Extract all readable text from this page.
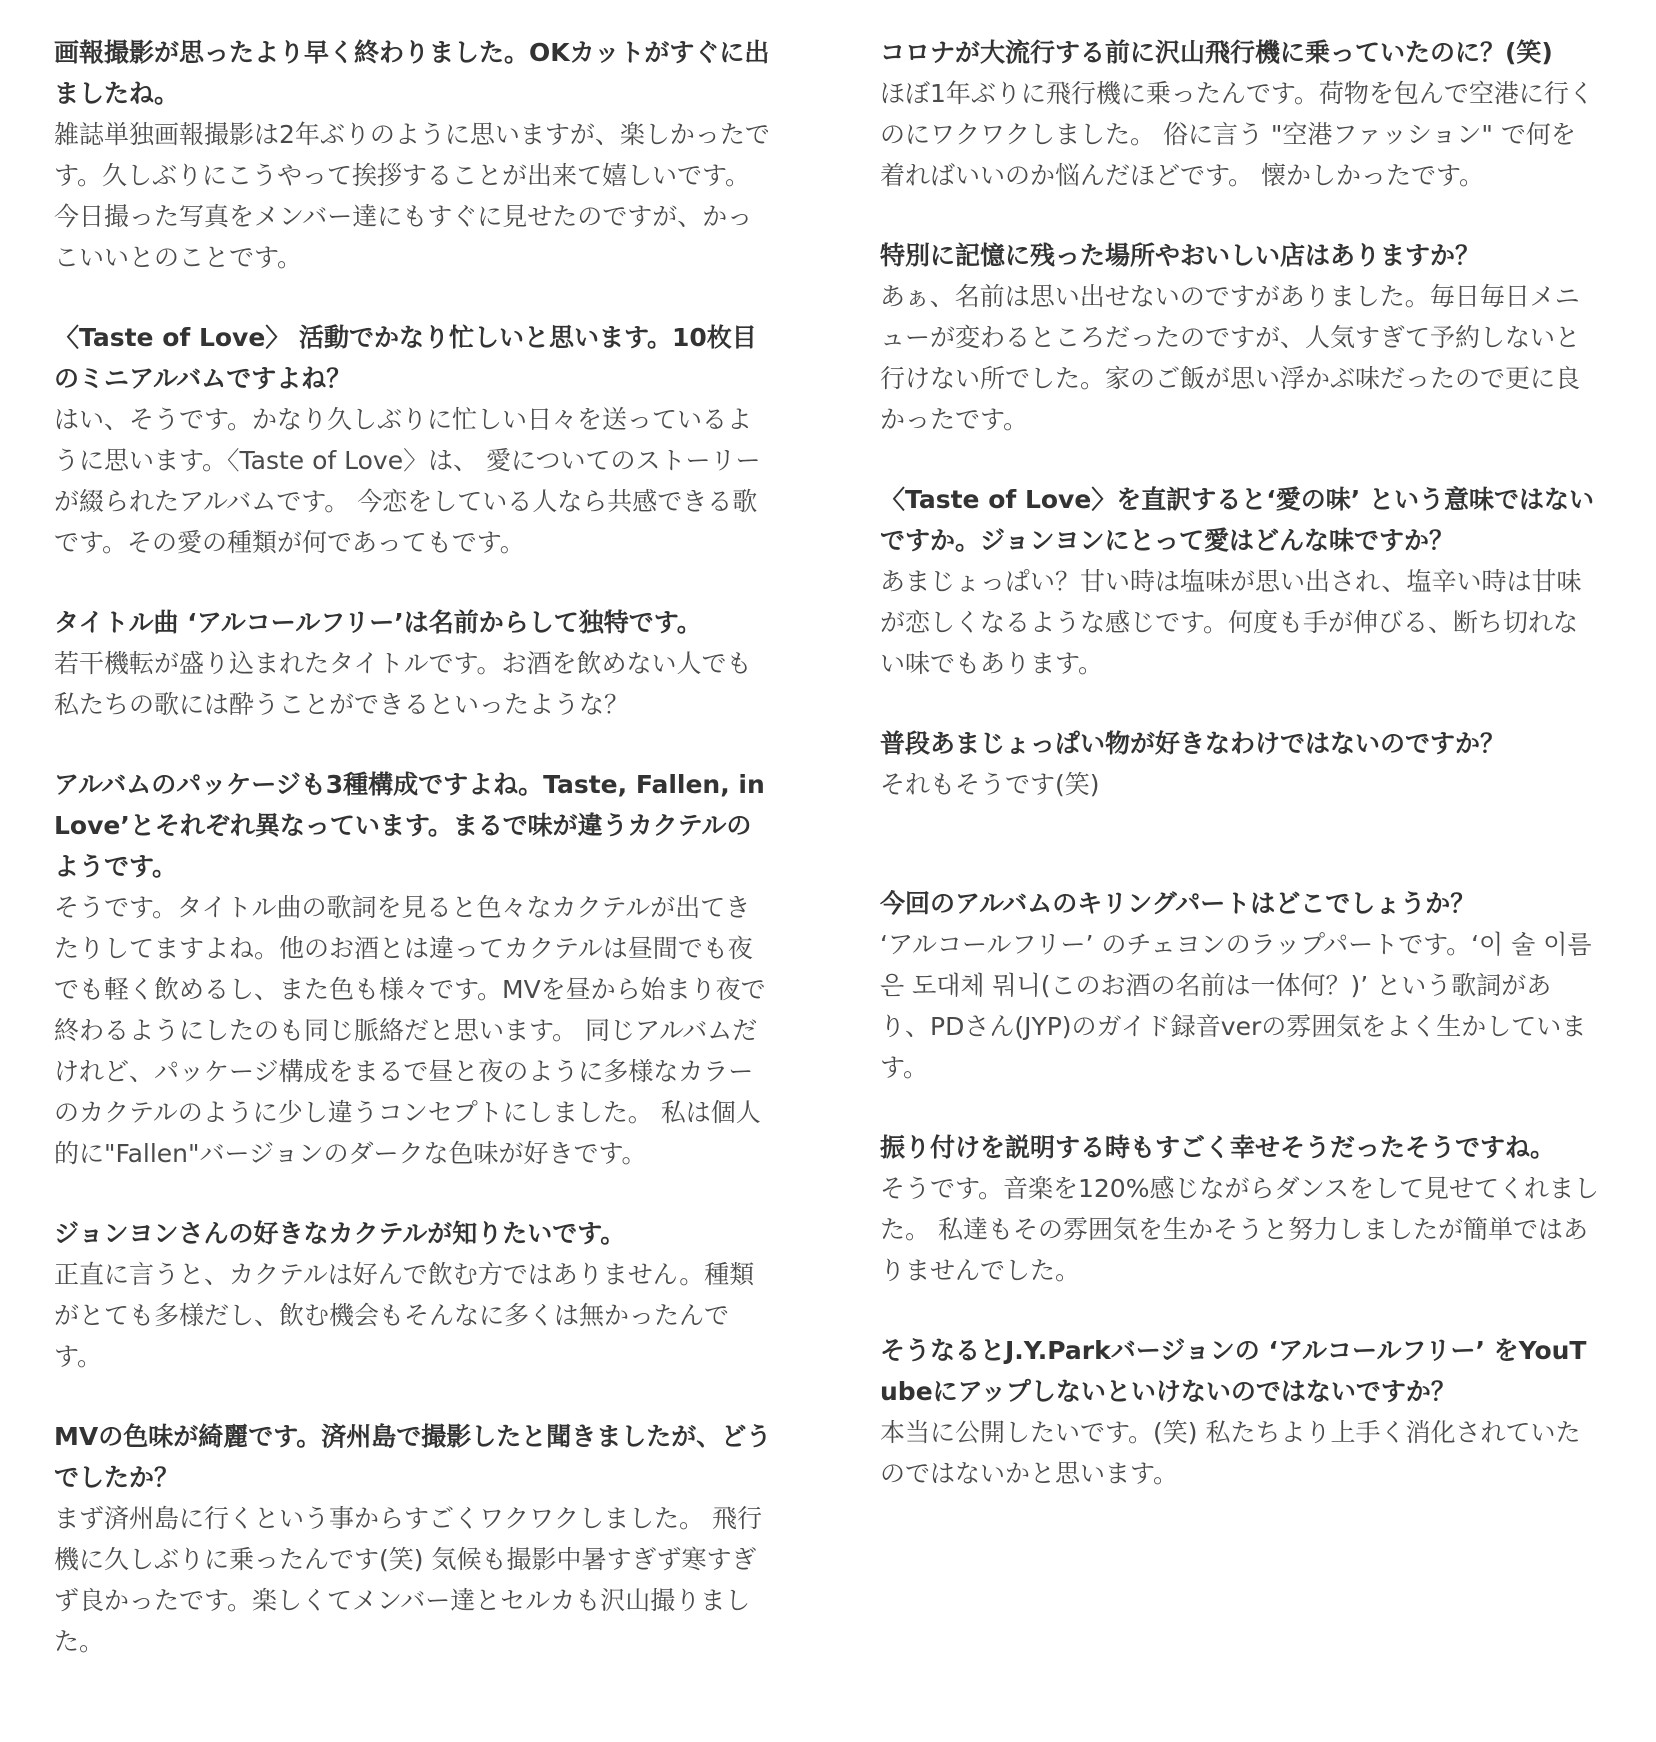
画報撮影が思ったより早く終わりました。OKカットがすぐに出ましたね。

雑誌単独画報撮影は2年ぶりのように思いますが、楽しかったです。久しぶりにこうやって挨拶することが出来て嬉しいです。今日撮った写真をメンバー達にもすぐに見せたのですが、かっこいいとのことです。

〈Taste of Love〉 活動でかなり忙しいと思います。10枚目のミニアルバムですよね？

はい、そうです。かなり久しぶりに忙しい日々を送っているように思います。〈Taste of Love〉は、 愛についてのストーリーが綴られたアルバムです。 今恋をしている人なら共感できる歌です。その愛の種類が何であってもです。

タイトル曲 ‘アルコールフリー’は名前からして独特です。

若干機転が盛り込まれたタイトルです。お酒を飲めない人でも私たちの歌には酔うことができるといったような？

アルバムのパッケージも3種構成ですよね。Taste, Fallen, in Love’とそれぞれ異なっています。まるで味が違うカクテルのようです。

そうです。タイトル曲の歌詞を見ると色々なカクテルが出てきたりしてますよね。他のお酒とは違ってカクテルは昼間でも夜でも軽く飲めるし、また色も様々です。MVを昼から始まり夜で終わるようにしたのも同じ脈絡だと思います。 同じアルバムだけれど、パッケージ構成をまるで昼と夜のように多様なカラーのカクテルのように少し違うコンセプトにしました。 私は個人的に"Fallen"バージョンのダークな色味が好きです。

ジョンヨンさんの好きなカクテルが知りたいです。

正直に言うと、カクテルは好んで飲む方ではありません。種類がとても多様だし、飲む機会もそんなに多くは無かったんです。

MVの色味が綺麗です。済州島で撮影したと聞きましたが、どうでしたか？

まず済州島に行くという事からすごくワクワクしました。 飛行機に久しぶりに乗ったんです(笑) 気候も撮影中暑すぎず寒すぎず良かったです。楽しくてメンバー達とセルカも沢山撮りました。

コロナが大流行する前に沢山飛行機に乗っていたのに？(笑)

ほぼ1年ぶりに飛行機に乗ったんです。荷物を包んで空港に行くのにワクワクしました。 俗に言う "空港ファッション" で何を着ればいいのか悩んだほどです。 懐かしかったです。

特別に記憶に残った場所やおいしい店はありますか？

あぁ、名前は思い出せないのですがありました。毎日毎日メニューが変わるところだったのですが、人気すぎて予約しないと行けない所でした。家のご飯が思い浮かぶ味だったので更に良かったです。

〈Taste of Love〉を直訳すると‘愛の味’ という意味ではないですか。ジョンヨンにとって愛はどんな味ですか？

あまじょっぱい？甘い時は塩味が思い出され、塩辛い時は甘味が恋しくなるような感じです。何度も手が伸びる、断ち切れない味でもあります。

普段あまじょっぱい物が好きなわけではないのですか？

それもそうです(笑)

今回のアルバムのキリングパートはどこでしょうか？

‘アルコールフリー’ のチェヨンのラップパートです。‘이 술 이름은 도대체 뭐니(このお酒の名前は一体何？)’ という歌詞があり、PDさん(JYP)のガイド録音verの雰囲気をよく生かしています。

振り付けを説明する時もすごく幸せそうだったそうですね。

そうです。音楽を120%感じながらダンスをして見せてくれました。 私達もその雰囲気を生かそうと努力しましたが簡単ではありませんでした。

そうなるとJ.Y.Parkバージョンの ‘アルコールフリー’ をYouTubeにアップしないといけないのではないですか？

本当に公開したいです。(笑) 私たちより上手く消化されていたのではないかと思います。
